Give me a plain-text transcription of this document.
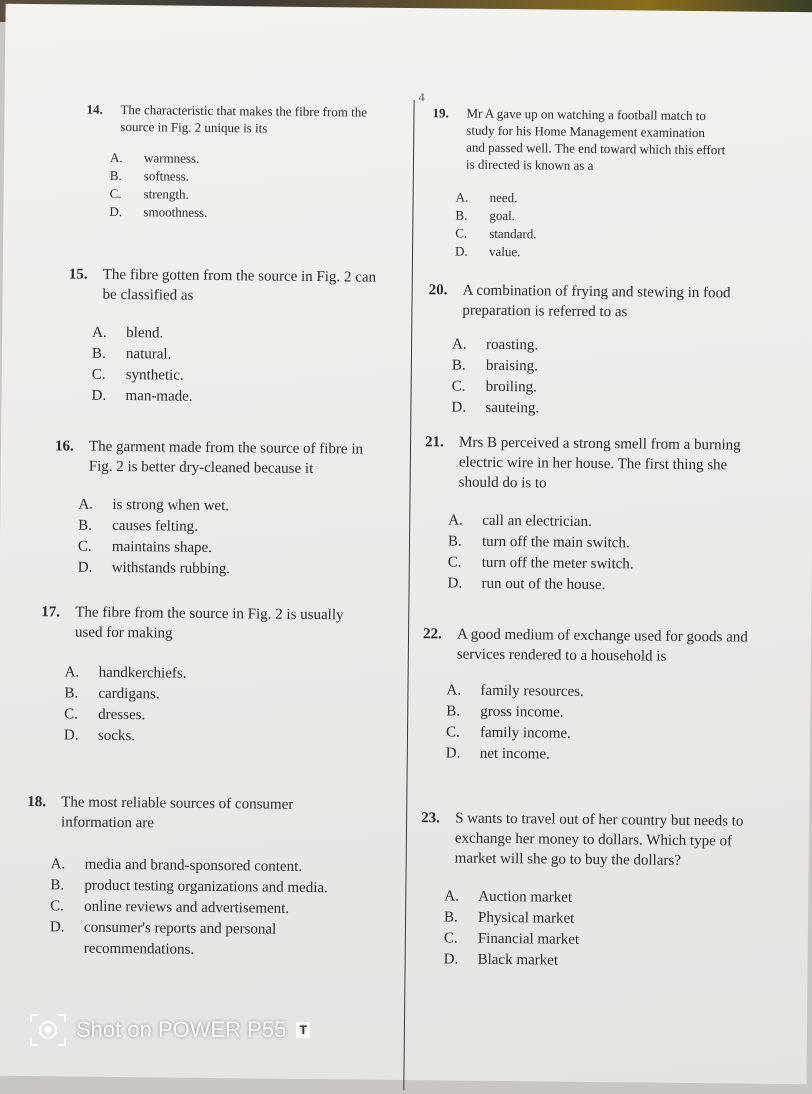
4
14.	The characteristic that makes the fibre from the
source in Fig. 2 unique is its
A. warmness.
B. softness.
C. strength.
D. smoothness.
15.	The fibre gotten from the source in Fig. 2 can
be classified as
A. blend.
B. natural.
C. synthetic.
D. man-made.
16.	The garment made from the source of fibre in
Fig. 2 is better dry-cleaned because it
A. is strong when wet.
B. causes felting.
C. maintains shape.
D. withstands rubbing.
17.	The fibre from the source in Fig. 2 is usually
used for making
A. handkerchiefs.
B. cardigans.
C. dresses.
D. socks.
18.	The most reliable sources of consumer
information are
A. media and brand-sponsored content.
B. product testing organizations and media.
C. online reviews and advertisement.
D. consumer's reports and personal
recommendations.
19.	Mr A gave up on watching a football match to
study for his Home Management examination
and passed well. The end toward which this effort
is directed is known as a
A. need.
B. goal.
C. standard.
D. value.
20.	A combination of frying and stewing in food
preparation is referred to as
A. roasting.
B. braising.
C. broiling.
D. sauteing.
21.	Mrs B perceived a strong smell from a burning
electric wire in her house. The first thing she
should do is to
A. call an electrician.
B. turn off the main switch.
C. turn off the meter switch.
D. run out of the house.
22.	A good medium of exchange used for goods and
services rendered to a household is
A. family resources.
B. gross income.
C. family income.
D. net income.
23.	S wants to travel out of her country but needs to
exchange her money to dollars. Which type of
market will she go to buy the dollars?
A. Auction market
B. Physical market
C. Financial market
D. Black market
Shot on POWER P55 T
